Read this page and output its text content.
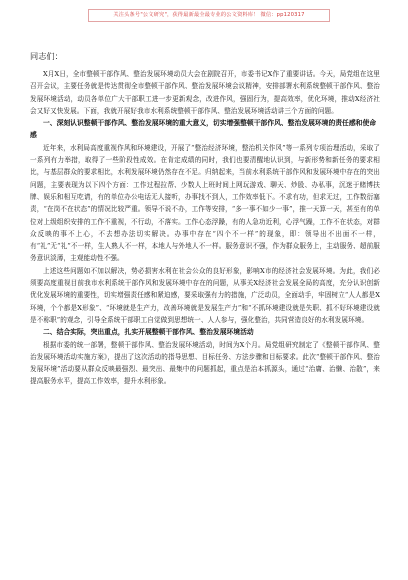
关注头条号"公文研究"，获得最新最全最专业的公文资料库！ 微信：pp120317

同志们：

X月X日，全市整顿干部作风、整治发展环境动员大会在剧院召开，市委书记X作了重要讲话。今天，局党组在这里召开会议，主要任务就是传达贯彻全市整顿干部作风、整治发展环境会议精神，安排部署水利系统整顿干部作风、整治发展环境活动，动员各单位广大干部职工进一步更新观念，改进作风，强固行为，提高效率，优化环境，推动X经济社会又好又快发展。下面，我就开展好我市水利系统整顿干部作风、整治发展环境活动讲三个方面的问题。

一、深刻认识整顿干部作风、整治发展环境的重大意义，切实增强整顿干部作风、整治发展环境的责任感和使命感

近年来，水利局高度重视作风和环境建设，开展了“整治经济环境，整治机关作风”等一系列专项治理活动，采取了一系列有力举措，取得了一些阶段性成效。在肯定成绩的同时，我们也要清醒地认识到，与新形势和新任务的要求相比，与基层群众的要求相比，水利发展环境仍然存在不足。归纳起来，当前水利系统干部作风和发展环境中存在的突出问题，主要表现为以下四个方面：工作过程拉帮、少数人上班时间上网玩游戏、聊天、炒股、办私事，沉迷于赌博扶牌、娱乐和相互吃请，有的单位办公电话无人接听，办事找不到人，工作效率低下。不求有功，但求无过，工作数衍塞责，“在岗不在状态”的情况比较严重。领导不说不办，工作等安排，“多一事不如少一事”，推一天算一天，甚至有的单位对上级组织安排的工作不重视，不行动，不落实。工作心态浮躁，有的人急功近利，心浮气躁，工作不在状态，对群众反映的事不上心，不去想办法切实解决。办事中存在“四个不一样”的现象，即：领导出不出面不一样，有“礼”无“礼”不一样，生人熟人不一样，本地人与外地人不一样。服务意识不强，作为群众服务上，主动服务、超前服务意识淡薄，主观能动性不强。

上述这些问题如不加以解决，势必损害水利在社会公众的良好形象，影响X市的经济社会发展环境。为此，我们必须要高度重视目前我市水利系统干部作风和发展环境中存在的问题，从事关X经济社会发展全局的高度，充分认识创新优化发展环境的重要性，切实增强责任感和紧迫感，要采取强有力的措施，广泛动员，全面动手，牢固树立“人人都是X环境，个个都是X形象”、“环境就是生产力，改善环境就是发展生产力”和“不抓环境建设就是失职、抓不好环境建设就是不称职”的观念，引导全系统干部职工自觉做到思想统一、人人参与，强化整治，共同营造良好的水利发展环境。

二、结合实际，突出重点，扎实开展整顿干部作风、整治发展环境活动

根据市委的统一部署，整顿干部作风、整治发展环境活动，时间为X个月。局党组研究制定了《整顿干部作风、整治发展环境活动实施方案》，提出了这次活动的指导思想、目标任务、方法步骤和目标要求。此次“整顿干部作风、整治发展环境”活动要从群众反映最强烈、最突出、最集中的问题抓起，重点是治本抓源头，通过“治庸、治懒、治散”，来提高服务水平，提高工作效率，提升水利形象。
